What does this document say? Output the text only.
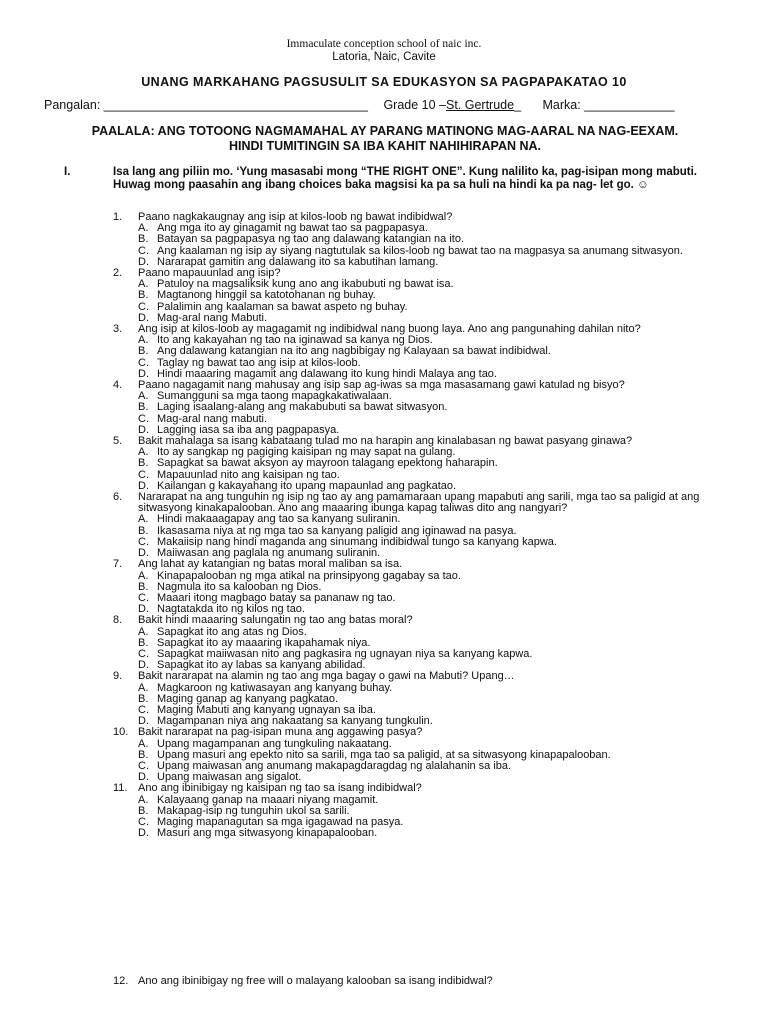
Immaculate conception school of naic inc.
Latoria, Naic, Cavite
UNANG MARKAHANG PAGSUSULIT SA EDUKASYON SA PAGPAPAKATAO 10
Pangalan: ______________________________________ Grade 10 –St. Gertrude_ Marka: _____________
PAALALA: ANG TOTOONG NAGMAMAHAL AY PARANG MATINONG MAG-AARAL NA NAG-EEXAM.
HINDI TUMITINGIN SA IBA KAHIT NAHIHIRAPAN NA.
I.	Isa lang ang piliin mo. ‘Yung masasabi mong “THE RIGHT ONE”. Kung nalilito ka, pag-isipan mong mabuti. Huwag mong paasahin ang ibang choices baka magsisi ka pa sa huli na hindi ka pa nag- let go. ☺
1.	Paano nagkakaugnay ang isip at kilos-loob ng bawat indibidwal?
A. Ang mga ito ay ginagamit ng bawat tao sa pagpapasya.
B. Batayan sa pagpapasya ng tao ang dalawang katangian na ito.
C. Ang kaalaman ng isip ay siyang nagtutulak sa kilos-loob ng bawat tao na magpasya sa anumang sitwasyon.
D. Nararapat gamitin ang dalawang ito sa kabutihan lamang.
2.	Paano mapauunlad ang isip?
A. Patuloy na magsaliksik kung ano ang ikabubuti ng bawat isa.
B. Magtanong hinggil sa katotohanan ng buhay.
C. Palalimin ang kaalaman sa bawat aspeto ng buhay.
D. Mag-aral nang Mabuti.
3.	Ang isip at kilos-loob ay magagamit ng indibidwal nang buong laya. Ano ang pangunahing dahilan nito?
A. Ito ang kakayahan ng tao na iginawad sa kanya ng Dios.
B. Ang dalawang katangian na ito ang nagbibigay ng Kalayaan sa bawat indibidwal.
C. Taglay ng bawat tao ang isip at kilos-loob.
D. Hindi maaaring magamit ang dalawang ito kung hindi Malaya ang tao.
4.	Paano nagagamit nang mahusay ang isip sap ag-iwas sa mga masasamang gawi katulad ng bisyo?
A. Sumangguni sa mga taong mapagkakatiwalaan.
B. Laging isaalang-alang ang makabubuti sa bawat sitwasyon.
C. Mag-aral nang mabuti.
D. Lagging iasa sa iba ang pagpapasya.
5.	Bakit mahalaga sa isang kabataang tulad mo na harapin ang kinalabasan ng bawat pasyang ginawa?
A. Ito ay sangkap ng pagiging kaisipan ng may sapat na gulang.
B. Sapagkat sa bawat aksyon ay mayroon talagang epektong haharapin.
C. Mapauunlad nito ang kaisipan ng tao.
D. Kailangan g kakayahang ito upang mapaunlad ang pagkatao.
6.	Nararapat na ang tunguhin ng isip ng tao ay ang pamamaraan upang mapabuti ang sarili, mga tao sa paligid at ang sitwasyong kinakapalooban. Ano ang maaaring ibunga kapag taliwas dito ang nangyari?
A. Hindi makaaagapay ang tao sa kanyang suliranin.
B. Ikasasama niya at ng mga tao sa kanyang paligid ang iginawad na pasya.
C. Makaiisip nang hindi maganda ang sinumang indibidwal tungo sa kanyang kapwa.
D. Maiiwasan ang paglala ng anumang suliranin.
7.	Ang lahat ay katangian ng batas moral maliban sa isa.
A. Kinapapalooban ng mga atikal na prinsipyong gagabay sa tao.
B. Nagmula ito sa kalooban ng Dios.
C. Maaari itong magbago batay sa pananaw ng tao.
D. Nagtatakda ito ng kilos ng tao.
8.	Bakit hindi maaaring salungatin ng tao ang batas moral?
A. Sapagkat ito ang atas ng Dios.
B. Sapagkat ito ay maaaring ikapahamak niya.
C. Sapagkat maiiwasan nito ang pagkasira ng ugnayan niya sa kanyang kapwa.
D. Sapagkat ito ay labas sa kanyang abilidad.
9.	Bakit nararapat na alamin ng tao ang mga bagay o gawi na Mabuti? Upang…
A. Magkaroon ng katiwasayan ang kanyang buhay.
B. Maging ganap ag kanyang pagkatao.
C. Maging Mabuti ang kanyang ugnayan sa iba.
D. Magampanan niya ang nakaatang sa kanyang tungkulin.
10. Bakit nararapat na pag-isipan muna ang aggawing pasya?
A. Upang magampanan ang tungkuling nakaatang.
B. Upang masuri ang epekto nito sa sarili, mga tao sa paligid, at sa sitwasyong kinapapalooban.
C. Upang maiwasan ang anumang makapagdaragdag ng alalahanin sa iba.
D. Upang maiwasan ang sigalot.
11. Ano ang ibinibigay ng kaisipan ng tao sa isang indibidwal?
A. Kalayaang ganap na maaari niyang magamit.
B. Makapag-isip ng tunguhin ukol sa sarili.
C. Maging mapanagutan sa mga igagawad na pasya.
D. Masuri ang mga sitwasyong kinapapalooban.
12. Ano ang ibinibigay ng free will o malayang kalooban sa isang indibidwal?
